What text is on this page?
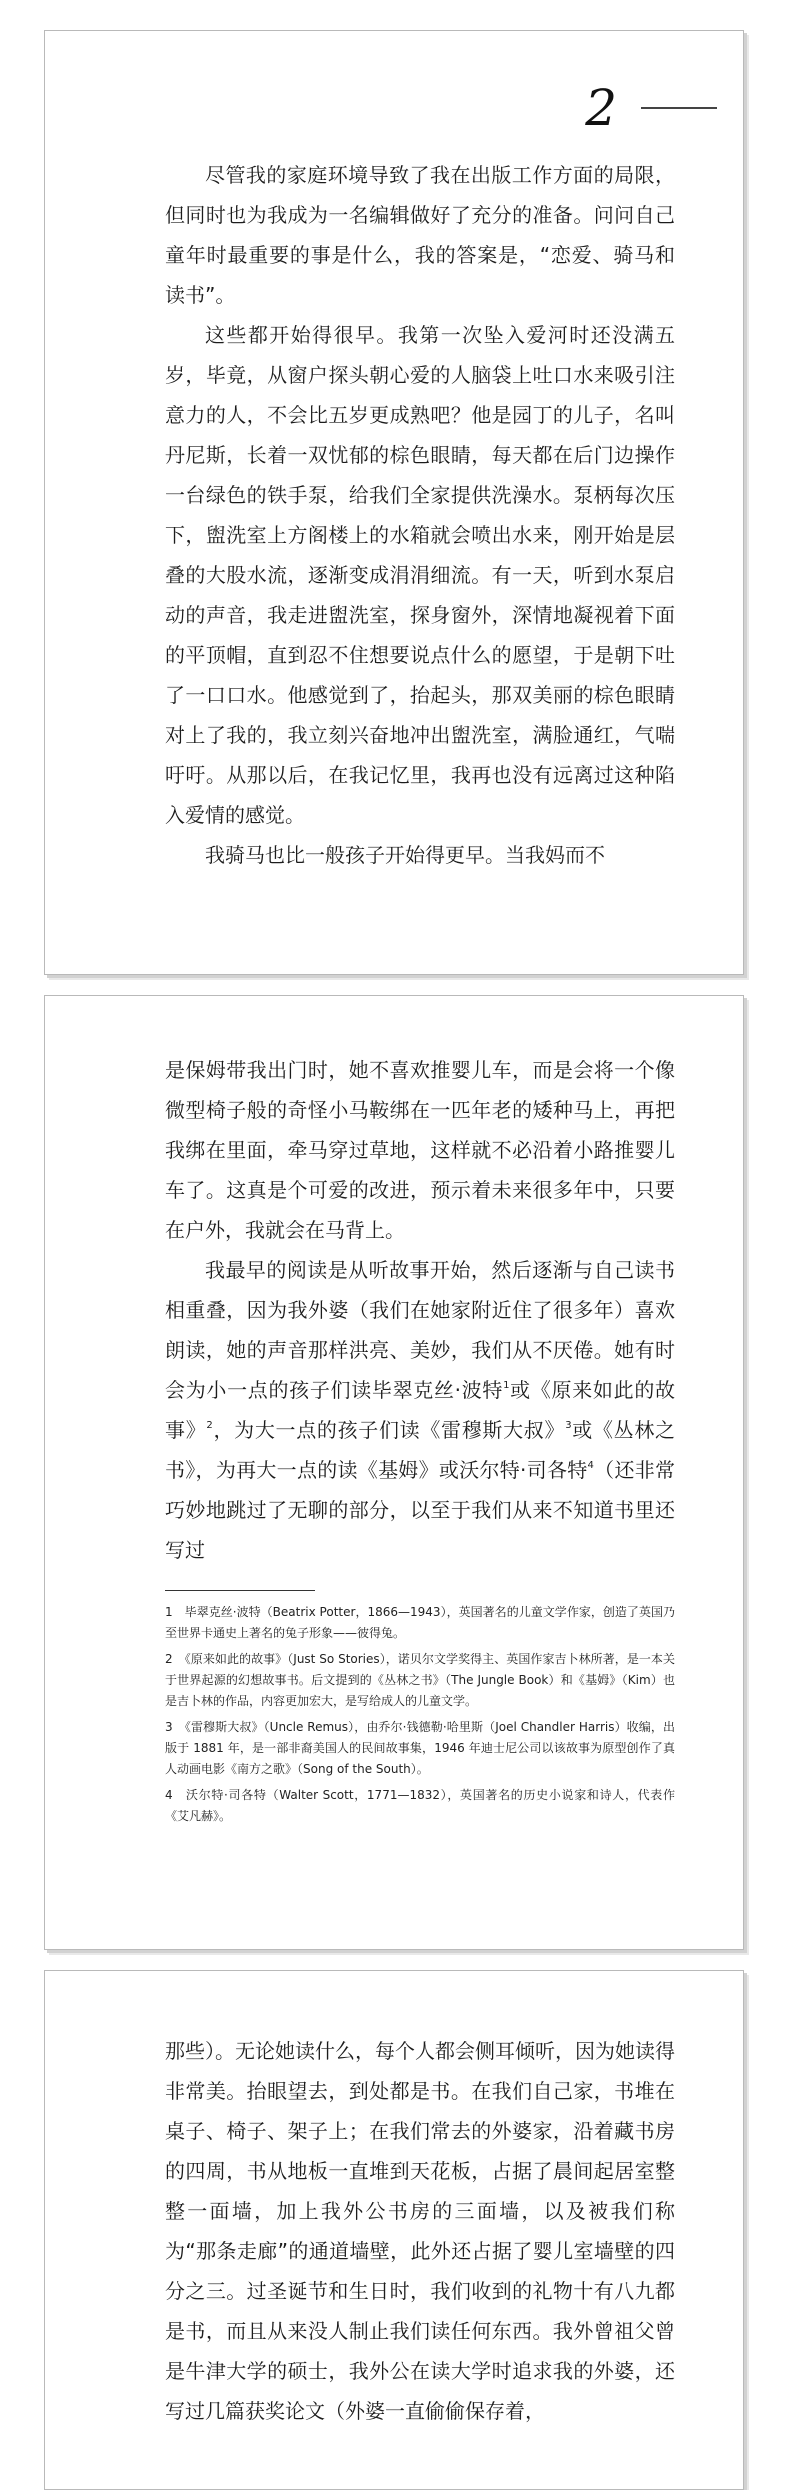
2

尽管我的家庭环境导致了我在出版工作方面的局限，但同时也为我成为一名编辑做好了充分的准备。问问自己童年时最重要的事是什么，我的答案是，“恋爱、骑马和读书”。

这些都开始得很早。我第一次坠入爱河时还没满五岁，毕竟，从窗户探头朝心爱的人脑袋上吐口水来吸引注意力的人，不会比五岁更成熟吧？他是园丁的儿子，名叫丹尼斯，长着一双忧郁的棕色眼睛，每天都在后门边操作一台绿色的铁手泵，给我们全家提供洗澡水。泵柄每次压下，盥洗室上方阁楼上的水箱就会喷出水来，刚开始是层叠的大股水流，逐渐变成涓涓细流。有一天，听到水泵启动的声音，我走进盥洗室，探身窗外，深情地凝视着下面的平顶帽，直到忍不住想要说点什么的愿望，于是朝下吐了一口口水。他感觉到了，抬起头，那双美丽的棕色眼睛对上了我的，我立刻兴奋地冲出盥洗室，满脸通红，气喘吁吁。从那以后，在我记忆里，我再也没有远离过这种陷入爱情的感觉。

我骑马也比一般孩子开始得更早。当我妈而不

是保姆带我出门时，她不喜欢推婴儿车，而是会将一个像微型椅子般的奇怪小马鞍绑在一匹年老的矮种马上，再把我绑在里面，牵马穿过草地，这样就不必沿着小路推婴儿车了。这真是个可爱的改进，预示着未来很多年中，只要在户外，我就会在马背上。

我最早的阅读是从听故事开始，然后逐渐与自己读书相重叠，因为我外婆（我们在她家附近住了很多年）喜欢朗读，她的声音那样洪亮、美妙，我们从不厌倦。她有时会为小一点的孩子们读毕翠克丝·波特$^1$或《原来如此的故事》$^2$，为大一点的孩子们读《雷穆斯大叔》$^3$或《丛林之书》，为再大一点的读《基姆》或沃尔特·司各特$^4$（还非常巧妙地跳过了无聊的部分，以至于我们从来不知道书里还写过

1　毕翠克丝·波特（Beatrix Potter，1866—1943），英国著名的儿童文学作家，创造了英国乃至世界卡通史上著名的兔子形象——彼得兔。

2　《原来如此的故事》（Just So Stories），诺贝尔文学奖得主、英国作家吉卜林所著，是一本关于世界起源的幻想故事书。后文提到的《丛林之书》（The Jungle Book）和《基姆》（Kim）也是吉卜林的作品，内容更加宏大，是写给成人的儿童文学。

3　《雷穆斯大叔》（Uncle Remus），由乔尔·钱德勒·哈里斯（Joel Chandler Harris）收编，出版于 1881 年，是一部非裔美国人的民间故事集，1946 年迪士尼公司以该故事为原型创作了真人动画电影《南方之歌》（Song of the South）。

4　沃尔特·司各特（Walter Scott，1771—1832），英国著名的历史小说家和诗人，代表作《艾凡赫》。

那些）。无论她读什么，每个人都会侧耳倾听，因为她读得非常美。抬眼望去，到处都是书。在我们自己家，书堆在桌子、椅子、架子上；在我们常去的外婆家，沿着藏书房的四周，书从地板一直堆到天花板，占据了晨间起居室整整一面墙，加上我外公书房的三面墙，以及被我们称为“那条走廊”的通道墙壁，此外还占据了婴儿室墙壁的四分之三。过圣诞节和生日时，我们收到的礼物十有八九都是书，而且从来没人制止我们读任何东西。我外曾祖父曾是牛津大学的硕士，我外公在读大学时追求我的外婆，还写过几篇获奖论文（外婆一直偷偷保存着，
